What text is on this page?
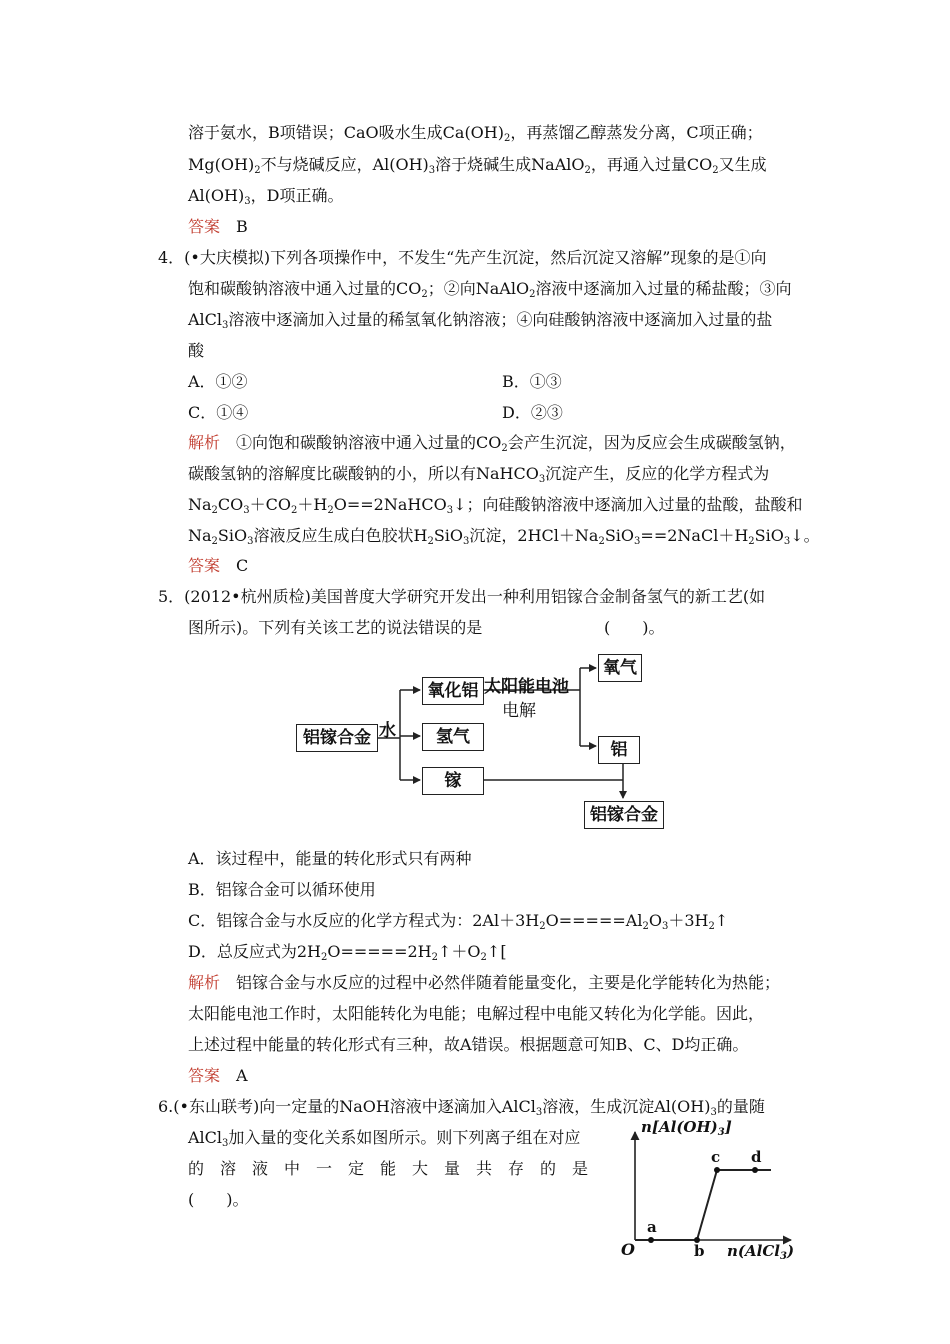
溶于氨水，B项错误；CaO吸水生成$Ca(OH)_2$，再蒸馏乙醇蒸发分离，C项正确；
$Mg(OH)_2$不与烧碱反应，$Al(OH)_3$溶于烧碱生成NaAlO$_2$，再通入过量$CO_2$又生成
$Al(OH)_3$，D项正确。
答案　 B
4．(•大庆模拟)下列各项操作中，不发生“先产生沉淀，然后沉淀又溶解”现象的是①向
饱和碳酸钠溶液中通入过量的$CO_2$；②向NaAlO$_2$溶液中逐滴加入过量的稀盐酸；③向
AlCl$_3$溶液中逐滴加入过量的稀氢氧化钠溶液；④向硅酸钠溶液中逐滴加入过量的盐
酸
A．①②	B．①③
C．①④	D．②③
解析　 ①向饱和碳酸钠溶液中通入过量的$CO_2$会产生沉淀，因为反应会生成碳酸氢钠，
碳酸氢钠的溶解度比碳酸钠的小，所以有NaHCO$_3$沉淀产生，反应的化学方程式为
$Na_2CO_3+CO_2+H_2O==2NaHCO_3↓$；向硅酸钠溶液中逐滴加入过量的盐酸，盐酸和
$Na_2SiO_3$溶液反应生成白色胶状$H_2SiO_3$沉淀，$2HCl+Na_2SiO_3==2NaCl+H_2SiO_3↓$。
答案　 C
5．(2012•杭州质检)美国普度大学研究开发出一种利用铝镓合金制备氢气的新工艺(如
图所示)。下列有关该工艺的说法错误的是	(　　)。
铝镓合金 水
氧化铝
氢气
镓
太阳能电池
电解
氧气
铝
铝镓合金
A．该过程中，能量的转化形式只有两种
B．铝镓合金可以循环使用
C．铝镓合金与水反应的化学方程式为：$2Al+3H_2O=====Al_2O_3+3H_2↑$
D．总反应式为$2H_2O=====2H_2↑+O_2↑$[
解析　 铝镓合金与水反应的过程中必然伴随着能量变化，主要是化学能转化为热能；
太阳能电池工作时，太阳能转化为电能；电解过程中电能又转化为化学能。因此，
上述过程中能量的转化形式有三种，故A错误。根据题意可知B、C、D均正确。
答案　 A
6.(•东山联考)向一定量的NaOH溶液中逐滴加入AlCl$_3$溶液，生成沉淀$Al(OH)_3$的量随
AlCl$_3$加入量的变化关系如图所示。则下列离子组在对应
的　溶　液　中　一　定　能　大　量　共　存　的　是
(　　)。
$n[Al(OH)_3]$
n(AlCl$_3$)
O
a
b
c d
